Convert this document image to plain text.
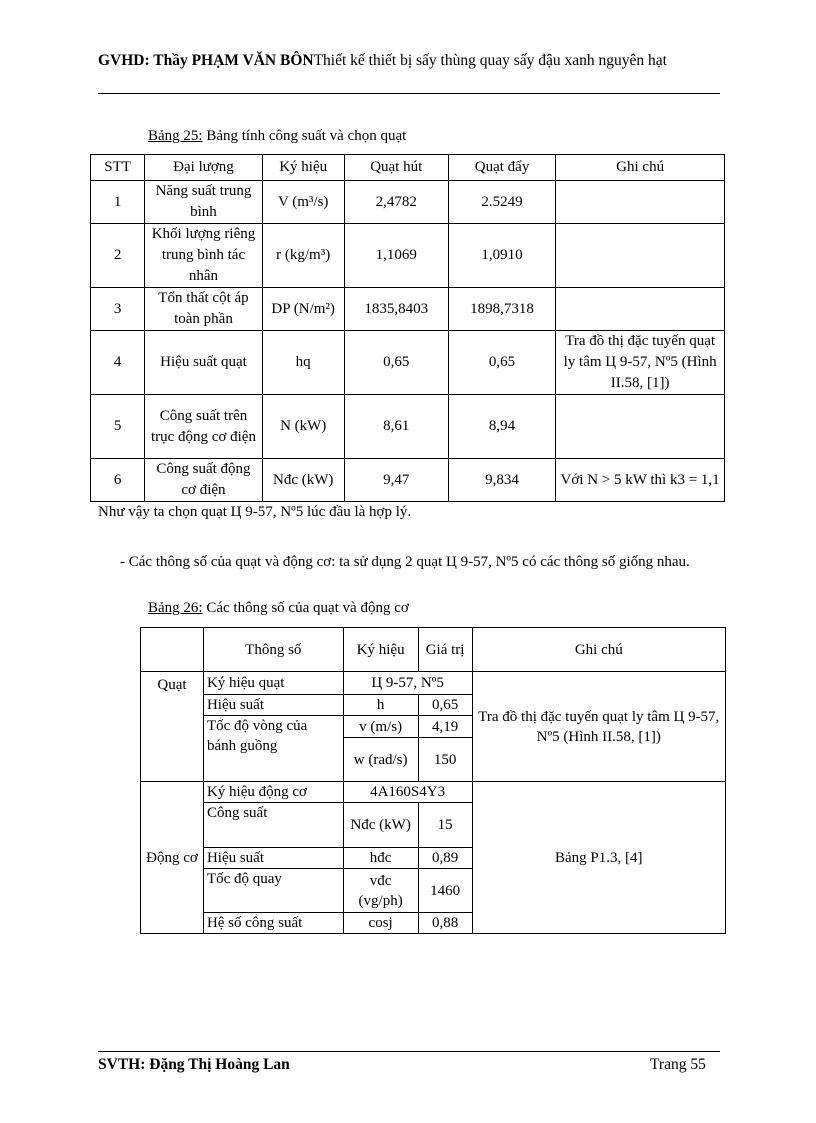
GVHD: Thầy PHẠM VĂN BÔNThiết kế thiết bị sấy thùng quay sấy đậu xanh nguyên hạt
Bảng 25: Bảng tính công suất và chọn quạt
STT	Đại lượng	Ký hiệu	Quạt hút	Quạt đẩy	Ghi chú
1	Năng suất trung bình	V (m³/s)	2,4782	2.5249	
2	Khối lượng riêng trung bình tác nhân	r (kg/m³)	1,1069	1,0910	
3	Tổn thất cột áp toàn phần	DP (N/m²)	1835,8403	1898,7318	
4	Hiệu suất quạt	hq	0,65	0,65	Tra đồ thị đặc tuyến quạt ly tâm Ц 9-57, Nº5 (Hình II.58, [1])
5	Công suất trên trục động cơ điện	N (kW)	8,61	8,94	
6	Công suất động cơ điện	Nđc (kW)	9,47	9,834	Với N > 5 kW thì k3 = 1,1
Như vậy ta chọn quạt Ц 9-57, Nº5 lúc đầu là hợp lý.
- Các thông số của quạt và động cơ: ta sử dụng 2 quạt Ц 9-57, Nº5 có các thông số giống nhau.
Bảng 26: Các thông số của quạt và động cơ
	Thông số	Ký hiệu	Giá trị	Ghi chú
Quạt	Ký hiệu quạt	Ц 9-57, Nº5		Tra đồ thị đặc tuyến quạt ly tâm Ц 9-57, Nº5 (Hình II.58, [1])
	Hiệu suất	h	0,65	
	Tốc độ vòng của bánh guồng	v (m/s)	4,19	
		w (rad/s)	150	
Động cơ	Ký hiệu động cơ	4A160S4Y3		Bảng P1.3, [4]
	Công suất	Nđc (kW)	15	
	Hiệu suất	hđc	0,89	
	Tốc độ quay	vđc (vg/ph)	1460	
	Hệ số công suất	cosj	0,88	
SVTH: Đặng Thị Hoàng Lan	Trang 55
